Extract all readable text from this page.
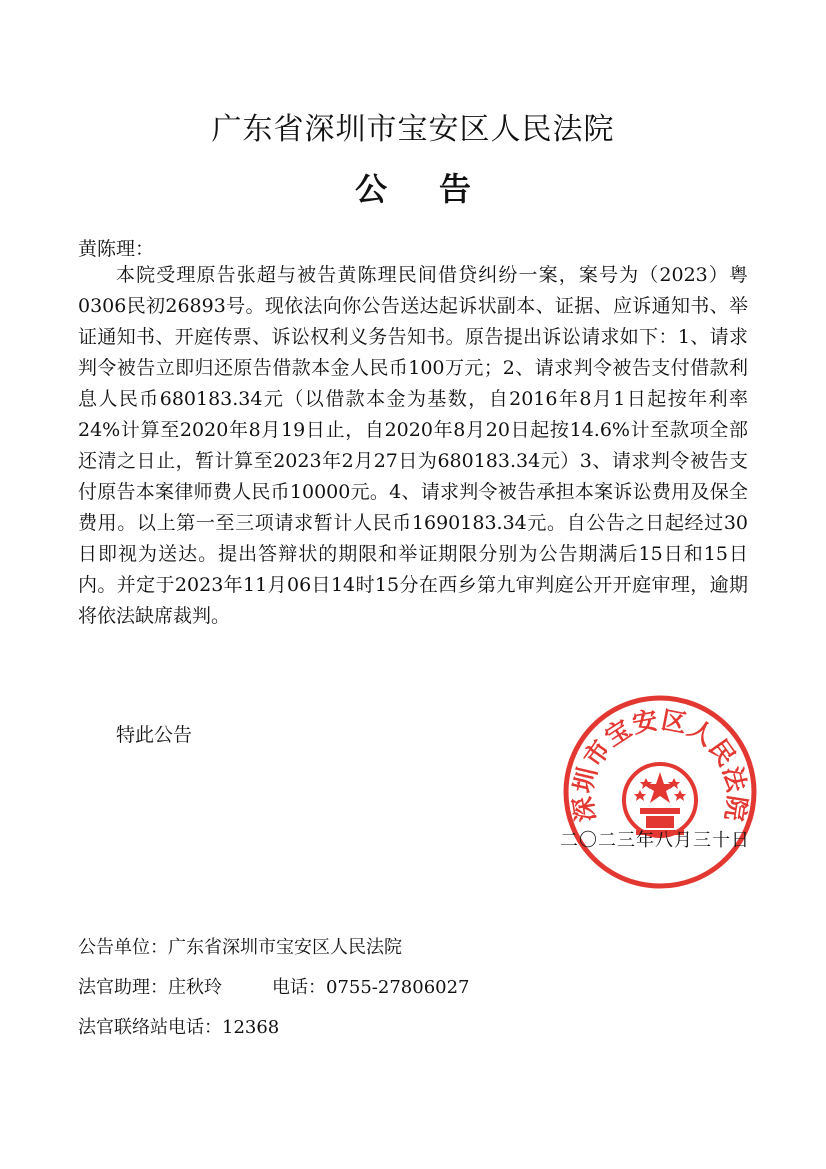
广东省深圳市宝安区人民法院
公 告
黄陈理：

本院受理原告张超与被告黄陈理民间借贷纠纷一案，案号为（2023）粤0306民初26893号。现依法向你公告送达起诉状副本、证据、应诉通知书、举证通知书、开庭传票、诉讼权利义务告知书。原告提出诉讼请求如下：1、请求判令被告立即归还原告借款本金人民币100万元；2、请求判令被告支付借款利息人民币680183.34元（以借款本金为基数，自2016年8月1日起按年利率24%计算至2020年8月19日止，自2020年8月20日起按14.6%计至款项全部还清之日止，暂计算至2023年2月27日为680183.34元）3、请求判令被告支付原告本案律师费人民币10000元。4、请求判令被告承担本案诉讼费用及保全费用。以上第一至三项请求暂计人民币1690183.34元。自公告之日起经过30日即视为送达。提出答辩状的期限和举证期限分别为公告期满后15日和15日内。并定于2023年11月06日14时15分在西乡第九审判庭公开开庭审理，逾期将依法缺席裁判。

特此公告
深圳市宝安区人民法院
二〇二三年八月三十日
公告单位：广东省深圳市宝安区人民法院
法官助理：庄秋玲	电话：0755-27806027
法官联络站电话：12368
